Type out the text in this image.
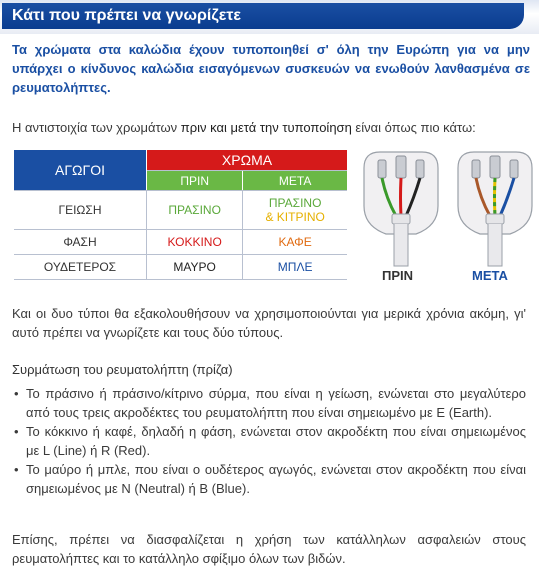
Κάτι που πρέπει να γνωρίζετε
Τα χρώματα στα καλώδια έχουν τυποποιηθεί σ' όλη την Ευρώπη για να μην υπάρχει ο κίνδυνος καλώδια εισαγόμενων συσκευών να ενωθούν λανθασμένα σε ρευματολήπτες.
Η αντιστοιχία των χρωμάτων πριν και μετά την τυποποίηση είναι όπως πιο κάτω:
ΑΓΩΓΟΙ	ΧΡΩΜΑ	
	ΠΡΙΝ	ΜΕΤΑ
ΓΕΙΩΣΗ	ΠΡΑΣΙΝΟ	ΠΡΑΣΙΝΟ
& ΚΙΤΡΙΝΟ

ΦΑΣΗ	ΚΟΚΚΙΝΟ	ΚΑΦΕ
ΟΥΔΕΤΕΡΟΣ	ΜΑΥΡΟ	ΜΠΛΕ
ΠΡΙΝ	ΜΕΤΑ
Και οι δυο τύποι θα εξακολουθήσουν να χρησιμοποιούνται για μερικά χρόνια ακόμη, γι' αυτό πρέπει να γνωρίζετε και τους δύο τύπους.
Συρμάτωση του ρευματολήπτη (πρίζα)
• Το πράσινο ή πράσινο/κίτρινο σύρμα, που είναι η γείωση, ενώνεται στο μεγαλύτερο από τους τρεις ακροδέκτες του ρευματολήπτη που είναι σημειωμένο με E (Earth).
• Το κόκκινο ή καφέ, δηλαδή η φάση, ενώνεται στον ακροδέκτη που είναι σημειωμένος με L (Line) ή R (Red).
• Το μαύρο ή μπλε, που είναι ο ουδέτερος αγωγός, ενώνεται στον ακροδέκτη που είναι σημειωμένος με N (Neutral) ή B (Blue).
Επίσης, πρέπει να διασφαλίζεται η χρήση των κατάλληλων ασφαλειών στους ρευματολήπτες και το κατάλληλο σφίξιμο όλων των βιδών.
